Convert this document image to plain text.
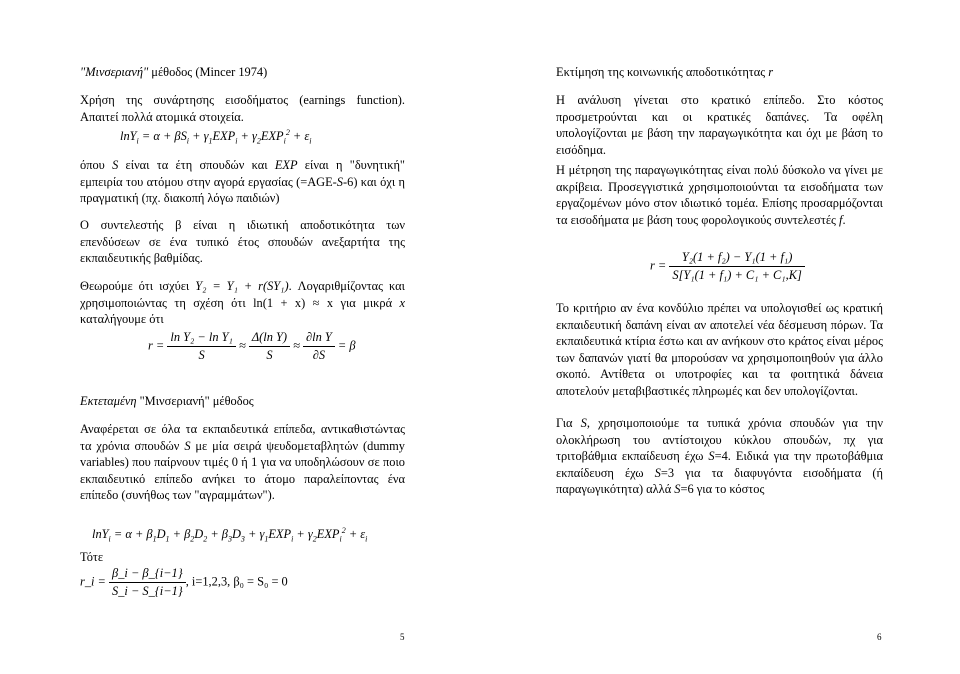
"Μινσεριανή" μέθοδος (Mincer 1974)
Χρήση της συνάρτησης εισοδήματος (earnings function). Απαιτεί πολλά ατομικά στοιχεία.
$\ln Y_i = \alpha + \beta S_i + \gamma_1EXP_i + \gamma_2EXP_i^2 + \varepsilon_i$
όπου S είναι τα έτη σπουδών και EXP είναι η "δυνητική" εμπειρία του ατόμου στην αγορά εργασίας (=AGE-S-6) και όχι η πραγματική (πχ. διακοπή λόγω παιδιών)
Ο συντελεστής β είναι η ιδιωτική αποδοτικότητα των επενδύσεων σε ένα τυπικό έτος σπουδών ανεξαρτήτα της εκπαιδευτικής βαθμίδας.
Θεωρούμε ότι ισχύει Y₂ = Y₁ + r(SY₁). Λογαριθμίζοντας και χρησιμοποιώντας τη σχέση ότι ln(1 + x) ≈ x για μικρά x καταλήγουμε ότι
$r = \frac{\text{ln Y₂ − ln Y₁}}{S} \approx \frac{\text{Δ(ln Y)}}{S} \approx \frac{\text{∂ln Y}}{\partial S} = \beta$
Εκτεταμένη "Μινσεριανή" μέθοδος
Αναφέρεται σε όλα τα εκπαιδευτικά επίπεδα, αντικαθιστώντας τα χρόνια σπουδών S με μία σειρά ψευδομεταβλητών (dummy variables) που παίρνουν τιμές 0 ή 1 για να υποδηλώσουν σε ποιο εκπαιδευτικό επίπεδο ανήκει το άτομο παραλείποντας ένα επίπεδο (συνήθως των "αγραμμάτων").
$\ln Y_i = \alpha + \beta_1D_1 + \beta_2D_2 + \beta_3D_3 + \gamma_1EXP_i + \gamma_2EXP_i^2 + \varepsilon_i$
Τότε
r_i = $\frac{\beta\_i - \beta\_\{i-1\}}{S\_i - S\_\{i-1\}}$ , i=1,2,3, β₀ = S₀ = 0
5
Εκτίμηση της κοινωνικής αποδοτικότητας r
Η ανάλυση γίνεται στο κρατικό επίπεδο. Στο κόστος προσμετρούνται και οι κρατικές δαπάνες. Τα οφέλη υπολογίζονται με βάση την παραγωγικότητα και όχι με βάση το εισόδημα.
Η μέτρηση της παραγωγικότητας είναι πολύ δύσκολο να γίνει με ακρίβεια. Προσεγγιστικά χρησιμοποιούνται τα εισοδήματα των εργαζομένων μόνο στον ιδιωτικό τομέα. Επίσης προσαρμόζονται τα εισοδήματα με βάση τους φορολογικούς συντελεστές f.
$r = \frac{\text{Y₂(1 + f₂) − Y₁(1 + f₁)}}{\text{S[Y₁(1 + f₁) + C₁ + C₁,K]}}$
Το κριτήριο αν ένα κονδύλιο πρέπει να υπολογισθεί ως κρατική εκπαιδευτική δαπάνη είναι αν αποτελεί νέα δέσμευση πόρων. Τα εκπαιδευτικά κτίρια έστω και αν ανήκουν στο κράτος είναι μέρος των δαπανών γιατί θα μπορούσαν να χρησιμοποιηθούν για άλλο σκοπό. Αντίθετα οι υποτροφίες και τα φοιτητικά δάνεια αποτελούν μεταβιβαστικές πληρωμές και δεν υπολογίζονται.
Για S, χρησιμοποιούμε τα τυπικά χρόνια σπουδών για την ολοκλήρωση του αντίστοιχου κύκλου σπουδών, πχ για τριτοβάθμια εκπαίδευση έχω S=4. Ειδικά για την πρωτοβάθμια εκπαίδευση έχω S=3 για τα διαφυγόντα εισοδήματα (ή παραγωγικότητα) αλλά S=6 για το κόστος
6
